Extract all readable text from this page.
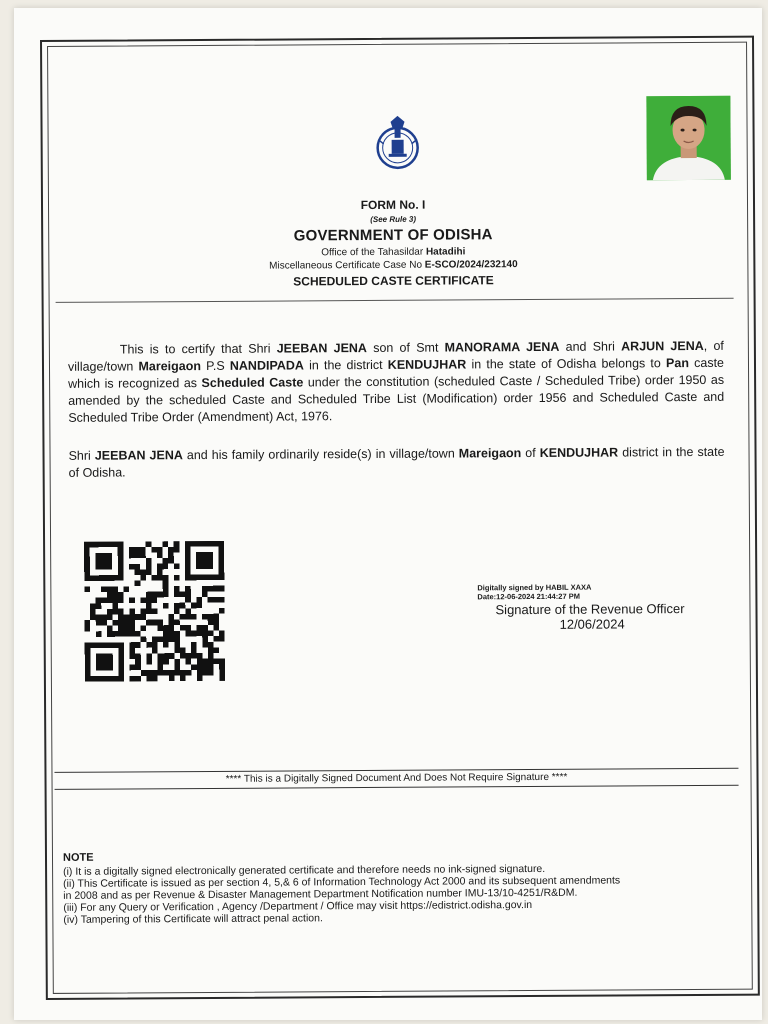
FORM No. I
(See Rule 3)
GOVERNMENT OF ODISHA
Office of the Tahasildar Hatadihi
Miscellaneous Certificate Case No E-SCO/2024/232140
SCHEDULED CASTE CERTIFICATE
This is to certify that Shri JEEBAN JENA son of Smt MANORAMA JENA and Shri ARJUN JENA, of village/town Mareigaon P.S NANDIPADA in the district KENDUJHAR in the state of Odisha belongs to Pan caste which is recognized as Scheduled Caste under the constitution (scheduled Caste / Scheduled Tribe) order 1950 as amended by the scheduled Caste and Scheduled Tribe List (Modification) order 1956 and Scheduled Caste and Scheduled Tribe Order (Amendment) Act, 1976.
Shri JEEBAN JENA and his family ordinarily reside(s) in village/town Mareigaon of KENDUJHAR district in the state of Odisha.
Digitally signed by HABIL XAXA
Date:12-06-2024 21:44:27 PM
Signature of the Revenue Officer
12/06/2024
**** This is a Digitally Signed Document And Does Not Require Signature ****
NOTE
(i) It is a digitally signed electronically generated certificate and therefore needs no ink-signed signature.
(ii) This Certificate is issued as per section 4, 5,& 6 of Information Technology Act 2000 and its subsequent amendments
in 2008 and as per Revenue & Disaster Management Department Notification number IMU-13/10-4251/R&DM.
(iii) For any Query or Verification , Agency /Department / Office may visit https://edistrict.odisha.gov.in
(iv) Tampering of this Certificate will attract penal action.
